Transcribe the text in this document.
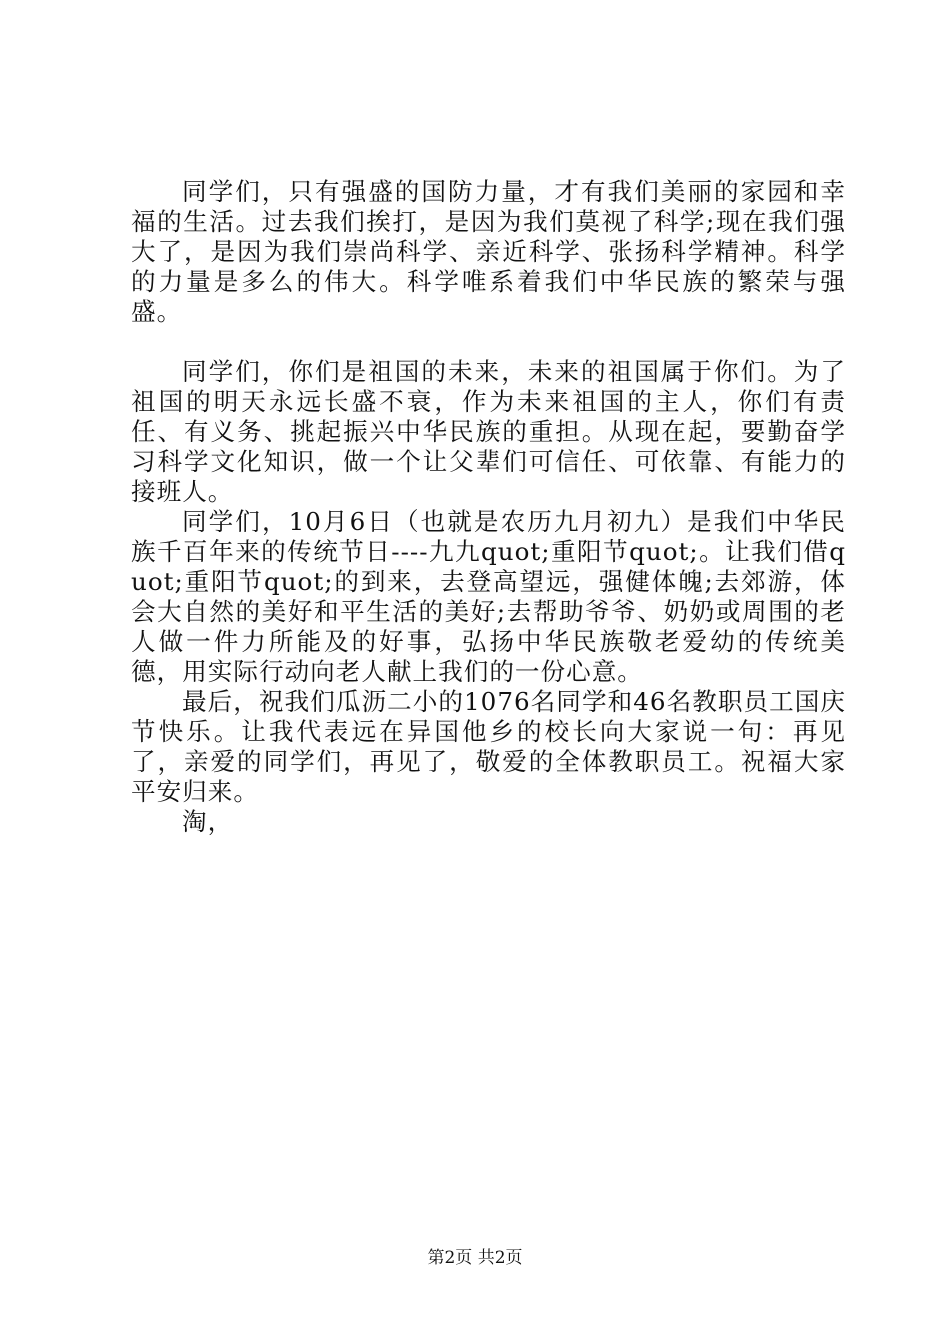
同学们，只有强盛的国防力量，才有我们美丽的家园和幸福的生活。过去我们挨打，是因为我们莫视了科学;现在我们强大了，是因为我们崇尚科学、亲近科学、张扬科学精神。科学的力量是多么的伟大。科学唯系着我们中华民族的繁荣与强盛。

同学们，你们是祖国的未来，未来的祖国属于你们。为了祖国的明天永远长盛不衰，作为未来祖国的主人，你们有责任、有义务、挑起振兴中华民族的重担。从现在起，要勤奋学习科学文化知识，做一个让父辈们可信任、可依靠、有能力的接班人。

同学们，10月6日（也就是农历九月初九）是我们中华民族千百年来的传统节日----九九quot;重阳节quot;。让我们借quot;重阳节quot;的到来，去登高望远，强健体魄;去郊游，体会大自然的美好和平生活的美好;去帮助爷爷、奶奶或周围的老人做一件力所能及的好事，弘扬中华民族敬老爱幼的传统美德，用实际行动向老人献上我们的一份心意。

最后，祝我们瓜沥二小的1076名同学和46名教职员工国庆节快乐。让我代表远在异国他乡的校长向大家说一句：再见了，亲爱的同学们，再见了，敬爱的全体教职员工。祝福大家平安归来。

淘，

第2页 共2页
